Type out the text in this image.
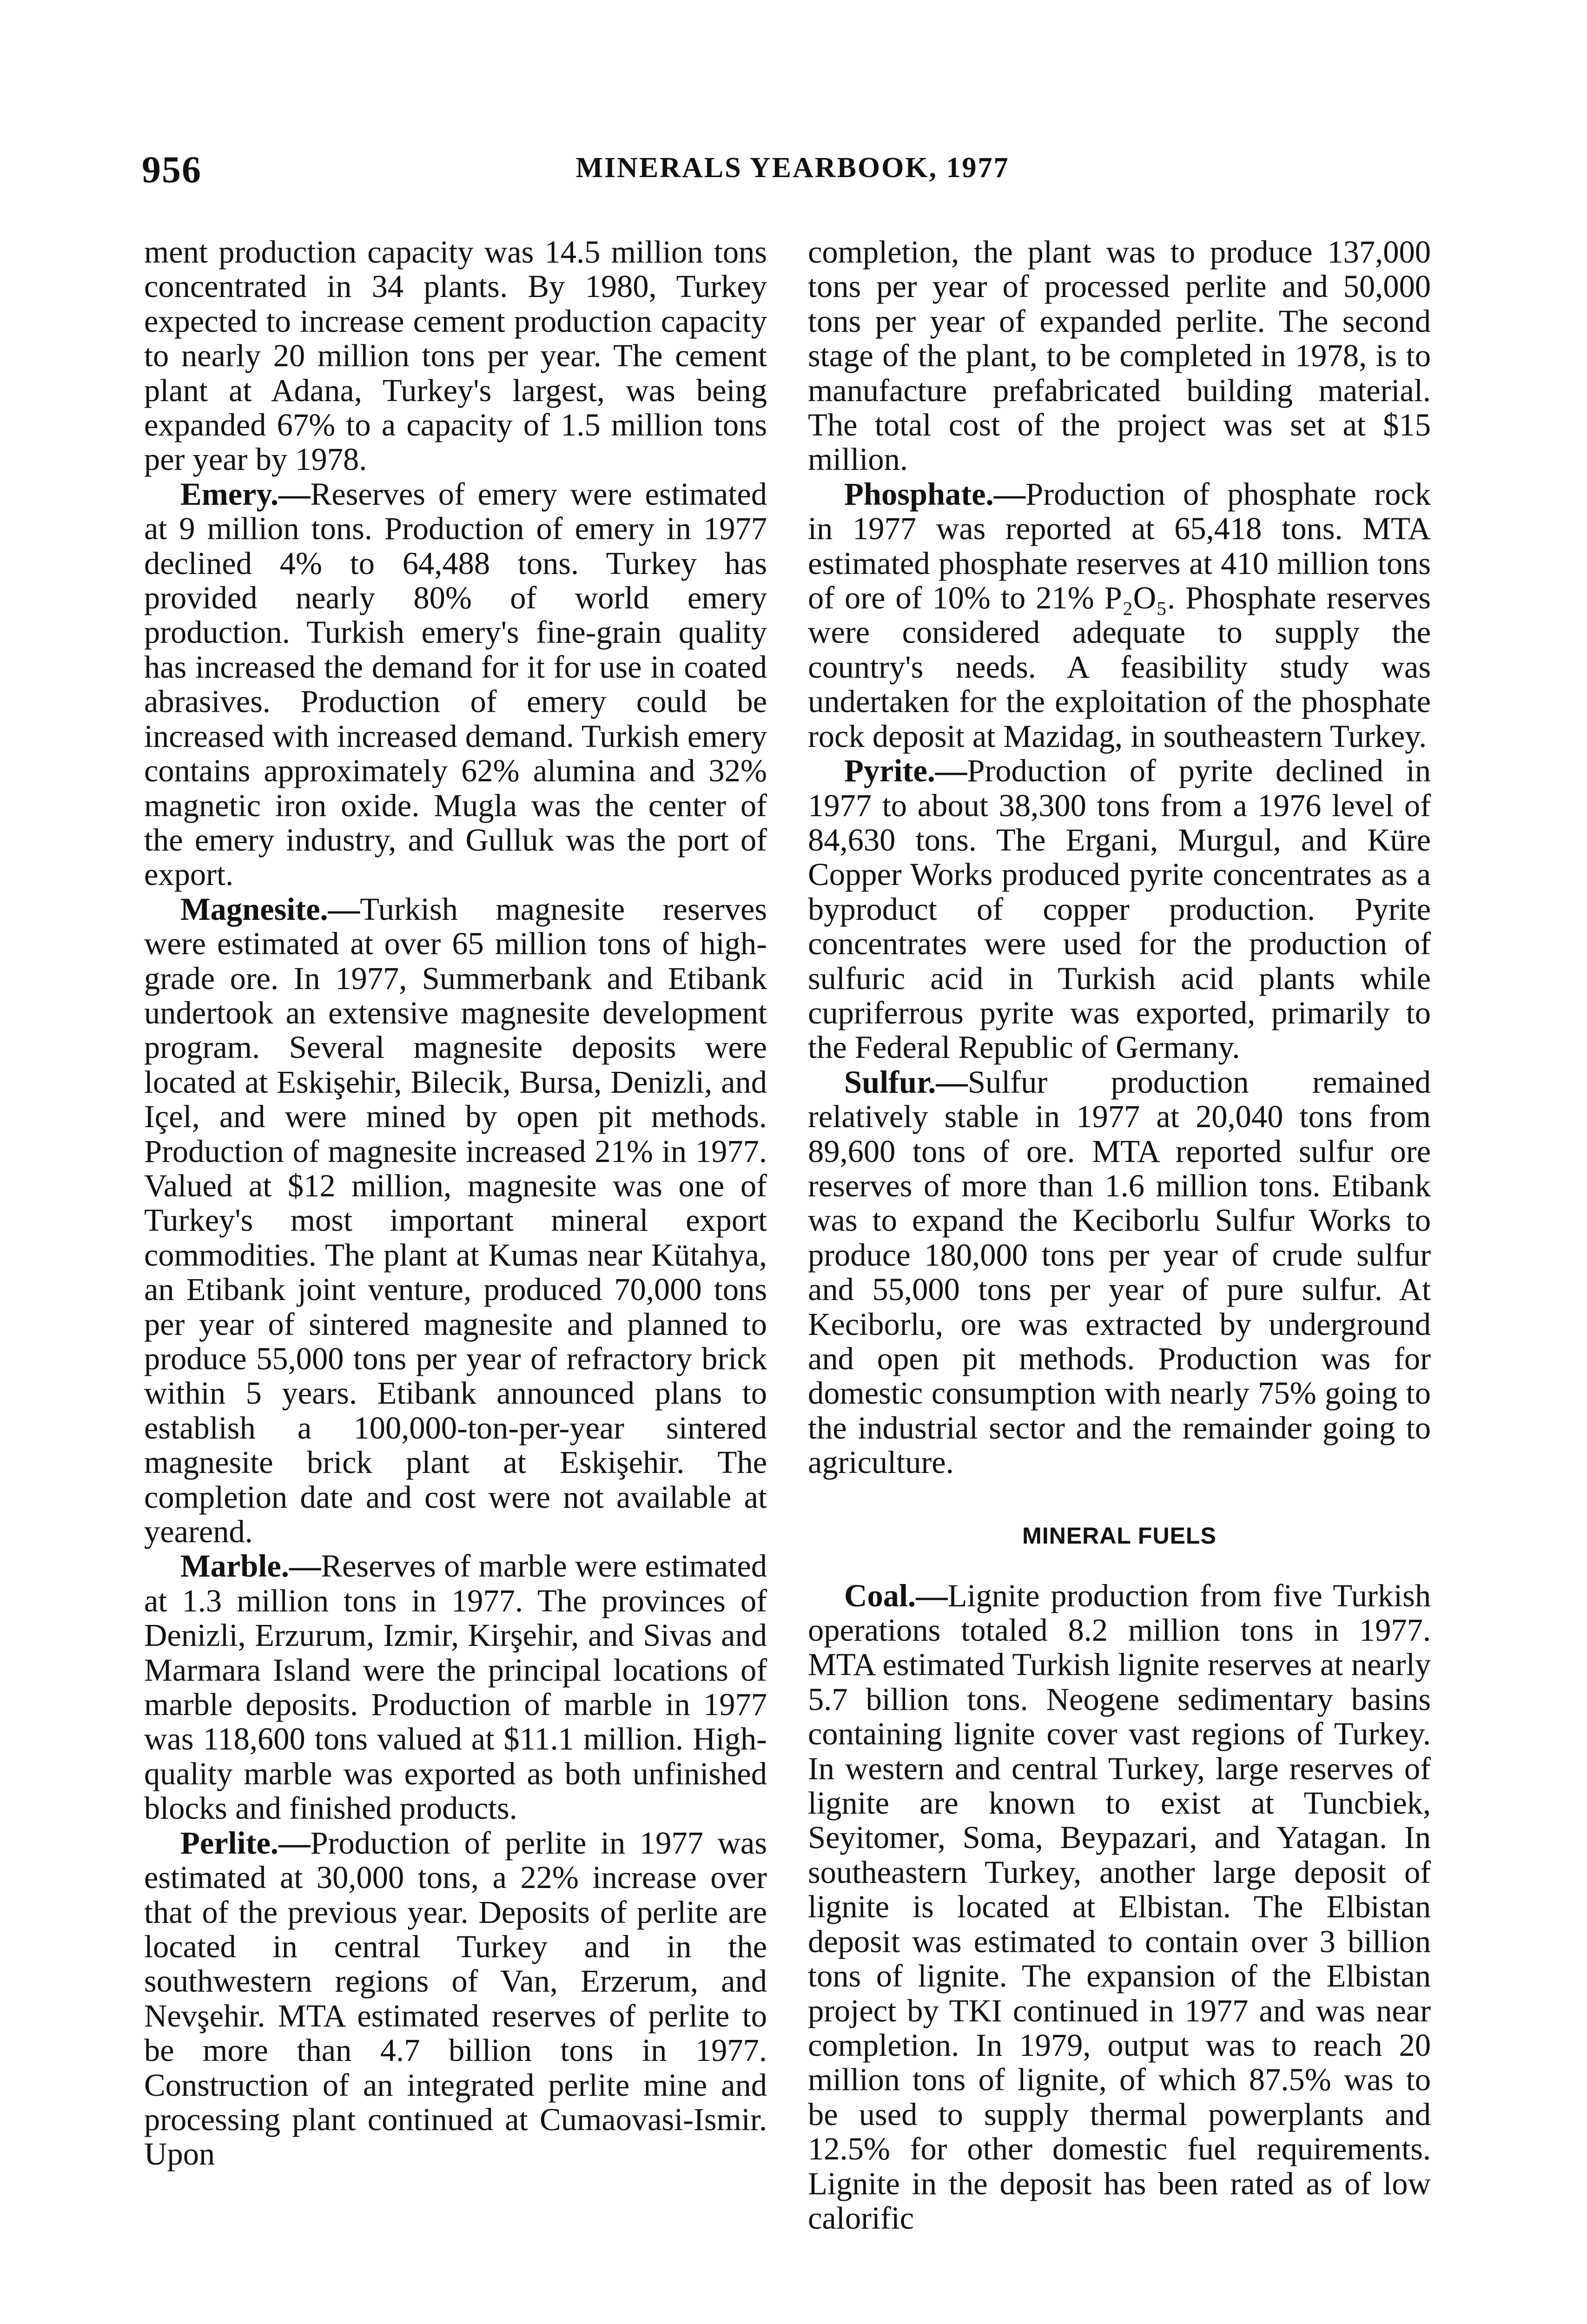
956	MINERALS YEARBOOK, 1977

ment production capacity was 14.5 million tons concentrated in 34 plants. By 1980, Turkey expected to increase cement production capacity to nearly 20 million tons per year. The cement plant at Adana, Turkey's largest, was being expanded 67% to a capacity of 1.5 million tons per year by 1978.

Emery.—Reserves of emery were estimated at 9 million tons. Production of emery in 1977 declined 4% to 64,488 tons. Turkey has provided nearly 80% of world emery production. Turkish emery's fine-grain quality has increased the demand for it for use in coated abrasives. Production of emery could be increased with increased demand. Turkish emery contains approximately 62% alumina and 32% magnetic iron oxide. Mugla was the center of the emery industry, and Gulluk was the port of export.

Magnesite.—Turkish magnesite reserves were estimated at over 65 million tons of high-grade ore. In 1977, Summerbank and Etibank undertook an extensive magnesite development program. Several magnesite deposits were located at Eskişehir, Bilecik, Bursa, Denizli, and Içel, and were mined by open pit methods. Production of magnesite increased 21% in 1977. Valued at $12 million, magnesite was one of Turkey's most important mineral export commodities. The plant at Kumas near Kütahya, an Etibank joint venture, produced 70,000 tons per year of sintered magnesite and planned to produce 55,000 tons per year of refractory brick within 5 years. Etibank announced plans to establish a 100,000-ton-per-year sintered magnesite brick plant at Eskişehir. The completion date and cost were not available at yearend.

Marble.—Reserves of marble were estimated at 1.3 million tons in 1977. The provinces of Denizli, Erzurum, Izmir, Kirşehir, and Sivas and Marmara Island were the principal locations of marble deposits. Production of marble in 1977 was 118,600 tons valued at $11.1 million. High-quality marble was exported as both unfinished blocks and finished products.

Perlite.—Production of perlite in 1977 was estimated at 30,000 tons, a 22% increase over that of the previous year. Deposits of perlite are located in central Turkey and in the southwestern regions of Van, Erzerum, and Nevşehir. MTA estimated reserves of perlite to be more than 4.7 billion tons in 1977. Construction of an integrated perlite mine and processing plant continued at Cumaovasi-Ismir. Upon

completion, the plant was to produce 137,000 tons per year of processed perlite and 50,000 tons per year of expanded perlite. The second stage of the plant, to be completed in 1978, is to manufacture prefabricated building material. The total cost of the project was set at $15 million.

Phosphate.—Production of phosphate rock in 1977 was reported at 65,418 tons. MTA estimated phosphate reserves at 410 million tons of ore of 10% to 21% P₂O₅. Phosphate reserves were considered adequate to supply the country's needs. A feasibility study was undertaken for the exploitation of the phosphate rock deposit at Mazidag, in southeastern Turkey.

Pyrite.—Production of pyrite declined in 1977 to about 38,300 tons from a 1976 level of 84,630 tons. The Ergani, Murgul, and Küre Copper Works produced pyrite concentrates as a byproduct of copper production. Pyrite concentrates were used for the production of sulfuric acid in Turkish acid plants while cupriferrous pyrite was exported, primarily to the Federal Republic of Germany.

Sulfur.—Sulfur production remained relatively stable in 1977 at 20,040 tons from 89,600 tons of ore. MTA reported sulfur ore reserves of more than 1.6 million tons. Etibank was to expand the Keciborlu Sulfur Works to produce 180,000 tons per year of crude sulfur and 55,000 tons per year of pure sulfur. At Keciborlu, ore was extracted by underground and open pit methods. Production was for domestic consumption with nearly 75% going to the industrial sector and the remainder going to agriculture.

MINERAL FUELS

Coal.—Lignite production from five Turkish operations totaled 8.2 million tons in 1977. MTA estimated Turkish lignite reserves at nearly 5.7 billion tons. Neogene sedimentary basins containing lignite cover vast regions of Turkey. In western and central Turkey, large reserves of lignite are known to exist at Tuncbiek, Seyitomer, Soma, Beypazari, and Yatagan. In southeastern Turkey, another large deposit of lignite is located at Elbistan. The Elbistan deposit was estimated to contain over 3 billion tons of lignite. The expansion of the Elbistan project by TKI continued in 1977 and was near completion. In 1979, output was to reach 20 million tons of lignite, of which 87.5% was to be used to supply thermal powerplants and 12.5% for other domestic fuel requirements. Lignite in the deposit has been rated as of low calorific
